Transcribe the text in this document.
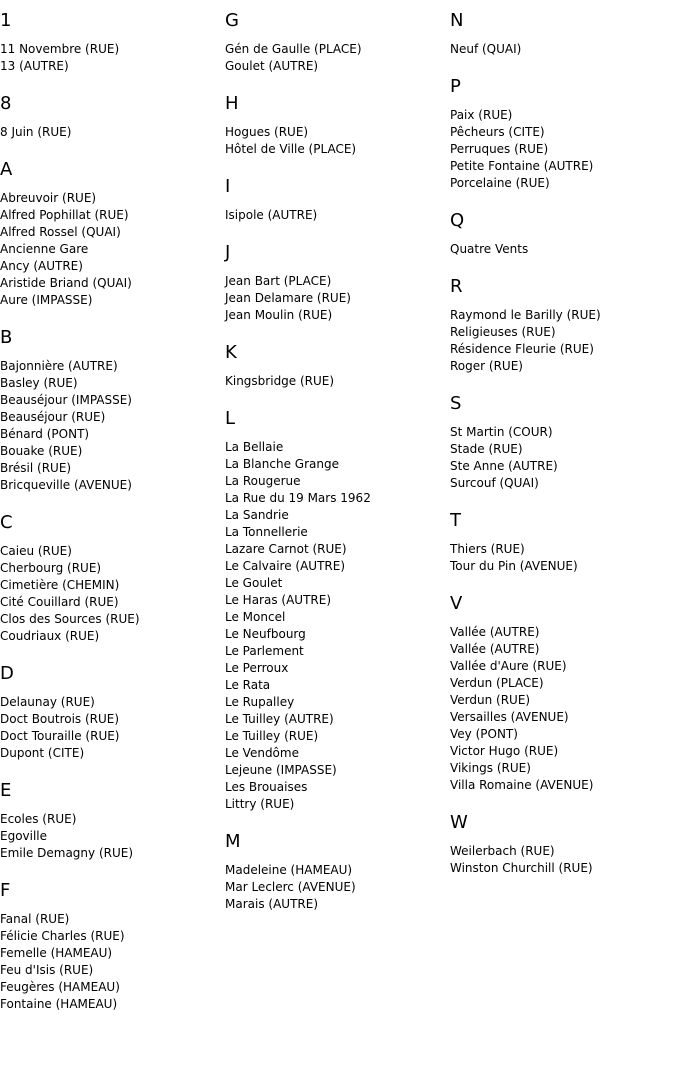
1
11 Novembre (RUE)
13 (AUTRE)
8
8 Juin (RUE)
A
Abreuvoir (RUE)
Alfred Pophillat (RUE)
Alfred Rossel (QUAI)
Ancienne Gare
Ancy (AUTRE)
Aristide Briand (QUAI)
Aure (IMPASSE)
B
Bajonnière (AUTRE)
Basley (RUE)
Beauséjour (IMPASSE)
Beauséjour (RUE)
Bénard (PONT)
Bouake (RUE)
Brésil (RUE)
Bricqueville (AVENUE)
C
Caieu (RUE)
Cherbourg (RUE)
Cimetière (CHEMIN)
Cité Couillard (RUE)
Clos des Sources (RUE)
Coudriaux (RUE)
D
Delaunay (RUE)
Doct Boutrois (RUE)
Doct Touraille (RUE)
Dupont (CITE)
E
Ecoles (RUE)
Egoville
Emile Demagny (RUE)
F
Fanal (RUE)
Félicie Charles (RUE)
Femelle (HAMEAU)
Feu d'Isis (RUE)
Feugères (HAMEAU)
Fontaine (HAMEAU)
G
Gén de Gaulle (PLACE)
Goulet (AUTRE)
H
Hogues (RUE)
Hôtel de Ville (PLACE)
I
Isipole (AUTRE)
J
Jean Bart (PLACE)
Jean Delamare (RUE)
Jean Moulin (RUE)
K
Kingsbridge (RUE)
L
La Bellaie
La Blanche Grange
La Rougerue
La Rue du 19 Mars 1962
La Sandrie
La Tonnellerie
Lazare Carnot (RUE)
Le Calvaire (AUTRE)
Le Goulet
Le Haras (AUTRE)
Le Moncel
Le Neufbourg
Le Parlement
Le Perroux
Le Rata
Le Rupalley
Le Tuilley (AUTRE)
Le Tuilley (RUE)
Le Vendôme
Lejeune (IMPASSE)
Les Brouaises
Littry (RUE)
M
Madeleine (HAMEAU)
Mar Leclerc (AVENUE)
Marais (AUTRE)
N
Neuf (QUAI)
P
Paix (RUE)
Pêcheurs (CITE)
Perruques (RUE)
Petite Fontaine (AUTRE)
Porcelaine (RUE)
Q
Quatre Vents
R
Raymond le Barilly (RUE)
Religieuses (RUE)
Résidence Fleurie (RUE)
Roger (RUE)
S
St Martin (COUR)
Stade (RUE)
Ste Anne (AUTRE)
Surcouf (QUAI)
T
Thiers (RUE)
Tour du Pin (AVENUE)
V
Vallée (AUTRE)
Vallée (AUTRE)
Vallée d'Aure (RUE)
Verdun (PLACE)
Verdun (RUE)
Versailles (AVENUE)
Vey (PONT)
Victor Hugo (RUE)
Vikings (RUE)
Villa Romaine (AVENUE)
W
Weilerbach (RUE)
Winston Churchill (RUE)
